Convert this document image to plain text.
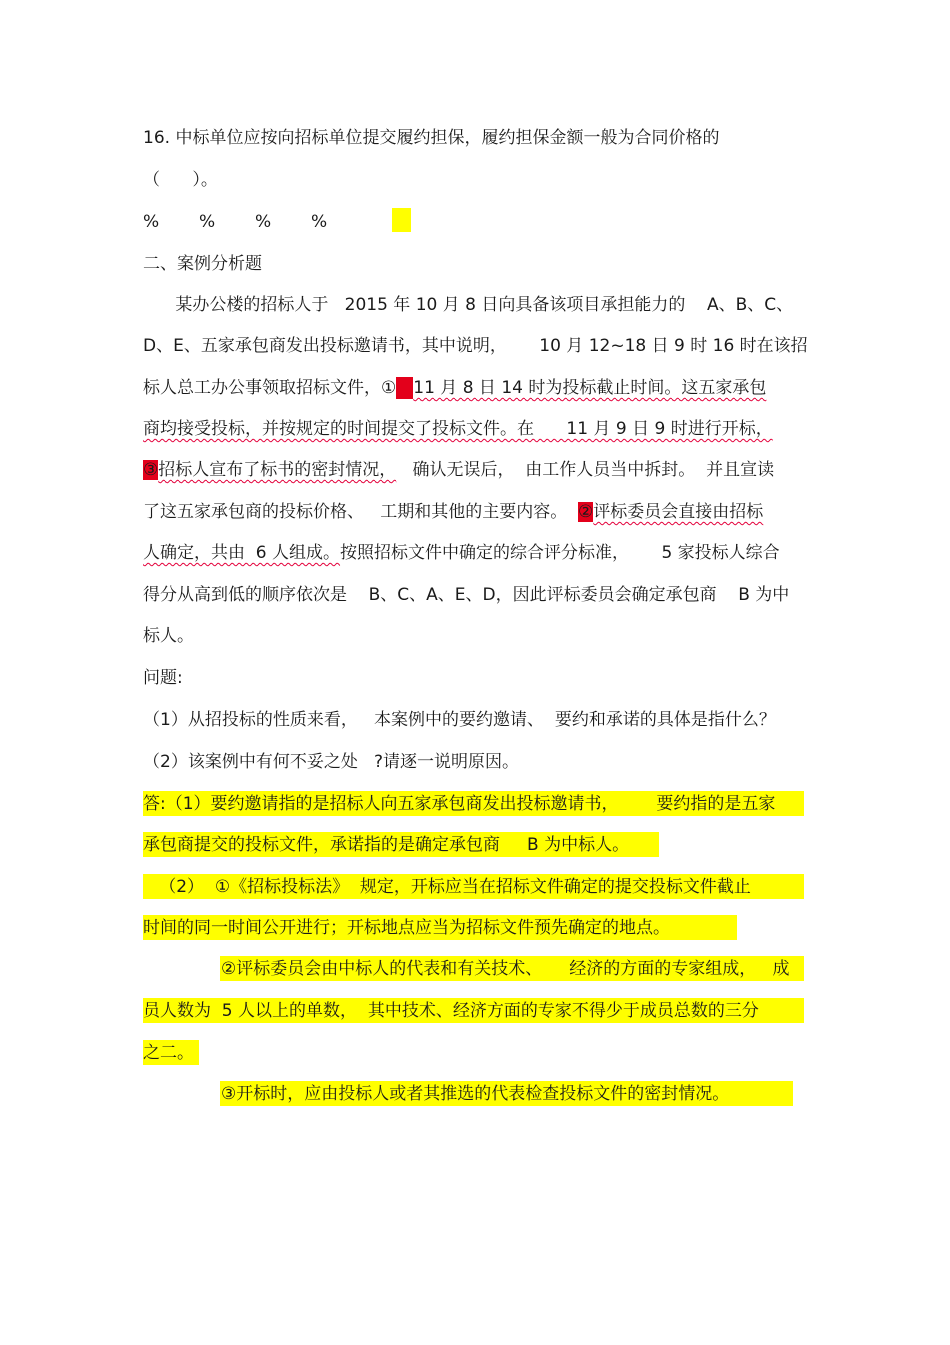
16. 中标单位应按向招标单位提交履约担保，履约担保金额一般为合同价格的
（      ）。
% % % %
二、案例分析题
某办公楼的招标人于   2015 年 10 月 8 日向具备该项目承担能力的    A、B、C、
D、E、五家承包商发出投标邀请书，其中说明，      10 月 12~18 日 9 时 16 时在该招
标人总工办公事领取招标文件，① 11 月 8 日 14 时为投标截止时间。这五家承包
商均接受投标，并按规定的时间提交了投标文件。在      11 月 9 日 9 时进行开标，
③招标人宣布了标书的密封情况，   确认无误后，  由工作人员当中拆封。  并且宣读
了这五家承包商的投标价格、   工期和其他的主要内容。  ②评标委员会直接由招标
人确定，共由  6 人组成。按照招标文件中确定的综合评分标准，      5 家投标人综合
得分从高到低的顺序依次是    B、C、A、E、D，因此评标委员会确定承包商    B 为中
标人。
问题:
（1）从招投标的性质来看，   本案例中的要约邀请、  要约和承诺的具体是指什么？
（2）该案例中有何不妥之处   ?请逐一说明原因。
答:（1）要约邀请指的是招标人向五家承包商发出投标邀请书，       要约指的是五家
承包商提交的投标文件，承诺指的是确定承包商     B 为中标人。
（2）  ①《招标投标法》  规定，开标应当在招标文件确定的提交投标文件截止
时间的同一时间公开进行；开标地点应当为招标文件预先确定的地点。
②评标委员会由中标人的代表和有关技术、     经济的方面的专家组成，   成
员人数为  5 人以上的单数，  其中技术、经济方面的专家不得少于成员总数的三分
之二。
③开标时，应由投标人或者其推选的代表检查投标文件的密封情况。
